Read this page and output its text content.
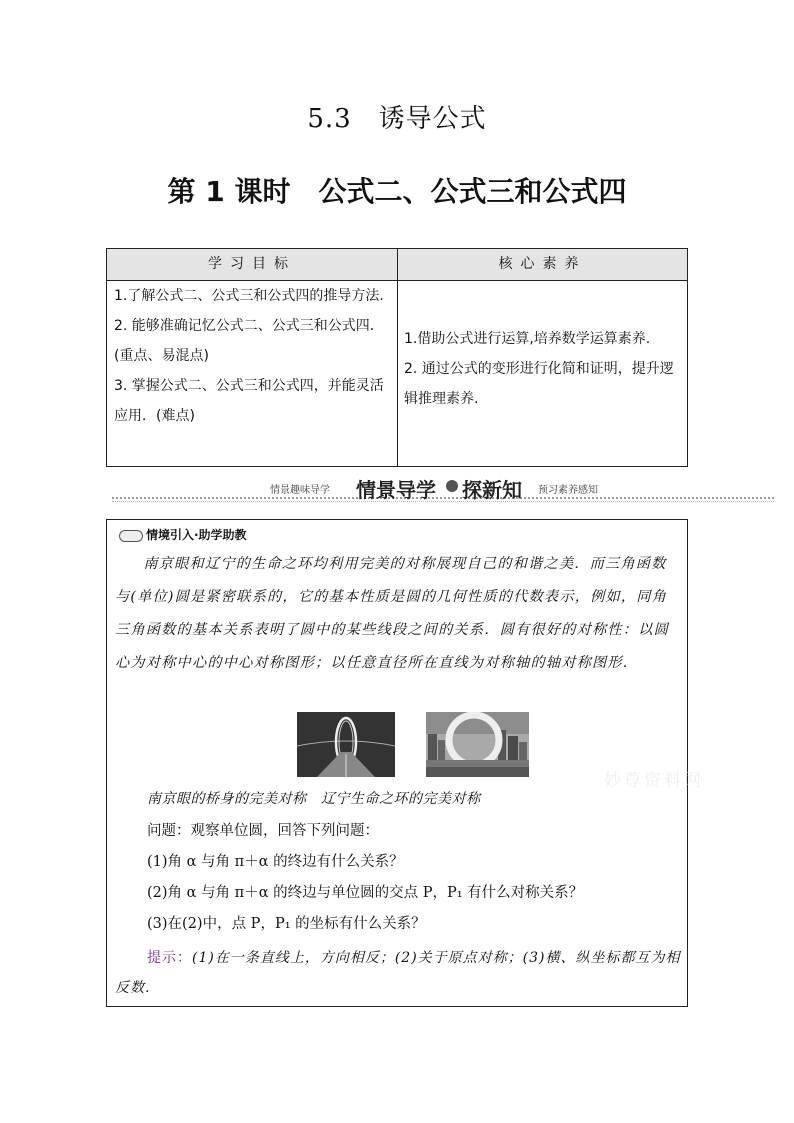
5.3　诱导公式
第 1 课时　公式二、公式三和公式四
学习目标	核心素养

1.了解公式二、公式三和公式四的推导方法.

2. 能够准确记忆公式二、公式三和公式四．(重点、易混点)

3. 掌握公式二、公式三和公式四，并能灵活应用．(难点)

1.借助公式进行运算,培养数学运算素养.

2. 通过公式的变形进行化简和证明，提升逻辑推理素养.

情景趣味导学 情景导学 探新知 预习素养感知
情境引入·助学助教

南京眼和辽宁的生命之环均利用完美的对称展现自己的和谐之美．而三角函数与(单位)圆是紧密联系的，它的基本性质是圆的几何性质的代数表示，例如，同角三角函数的基本关系表明了圆中的某些线段之间的关系．圆有很好的对称性：以圆心为对称中心的中心对称图形；以任意直径所在直线为对称轴的轴对称图形.

南京眼的桥身的完美对称　辽宁生命之环的完美对称
问题：观察单位圆，回答下列问题：
(1)角 α 与角 π＋α 的终边有什么关系？
(2)角 α 与角 π＋α 的终边与单位圆的交点 P，P₁ 有什么对称关系？
(3)在(2)中，点 P，P₁ 的坐标有什么关系？
提示：(1)在一条直线上，方向相反；(2)关于原点对称；(3)横、纵坐标都互为相反数.
妙尊资料网
